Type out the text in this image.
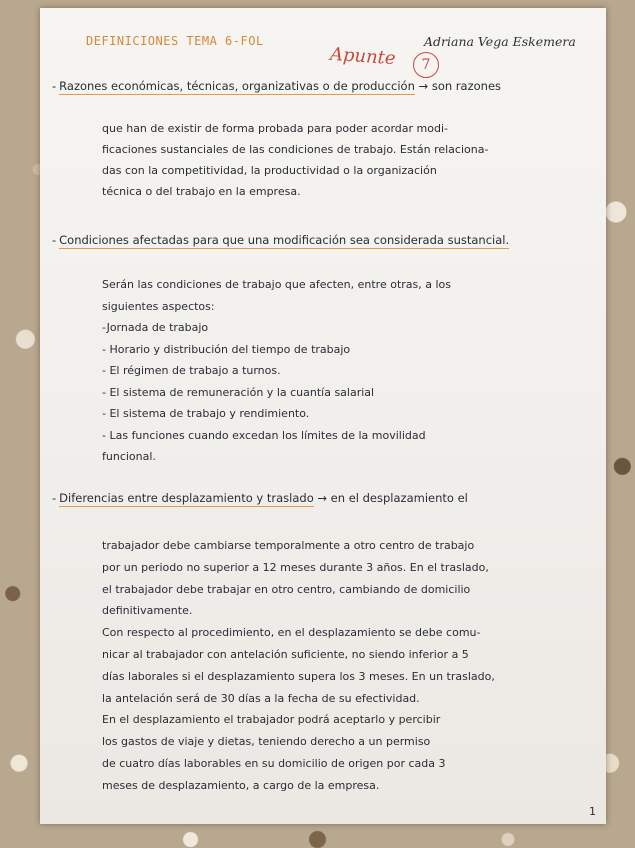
DEFINICIONES TEMA 6-FOL	Adriana Vega Eskemera
Apunte	7
- Razones económicas, técnicas, organizativas o de producción → son razones
que han de existir de forma probada para poder acordar modi-
ficaciones sustanciales de las condiciones de trabajo. Están relaciona-
das con la competitividad, la productividad o la organización
técnica o del trabajo en la empresa.
- Condiciones afectadas para que una modificación sea considerada sustancial.
Serán las condiciones de trabajo que afecten, entre otras, a los
siguientes aspectos:
-Jornada de trabajo
- Horario y distribución del tiempo de trabajo
- El régimen de trabajo a turnos.
- El sistema de remuneración y la cuantía salarial
- El sistema de trabajo y rendimiento.
- Las funciones cuando excedan los límites de la movilidad
funcional.
- Diferencias entre desplazamiento y traslado → en el desplazamiento el
trabajador debe cambiarse temporalmente a otro centro de trabajo
por un periodo no superior a 12 meses durante 3 años. En el traslado,
el trabajador debe trabajar en otro centro, cambiando de domicilio
definitivamente.
Con respecto al procedimiento, en el desplazamiento se debe comu-
nicar al trabajador con antelación suficiente, no siendo inferior a 5
días laborales si el desplazamiento supera los 3 meses. En un traslado,
la antelación será de 30 días a la fecha de su efectividad.
En el desplazamiento el trabajador podrá aceptarlo y percibir
los gastos de viaje y dietas, teniendo derecho a un permiso
de cuatro días laborables en su domicilio de origen por cada 3
meses de desplazamiento, a cargo de la empresa.
1
